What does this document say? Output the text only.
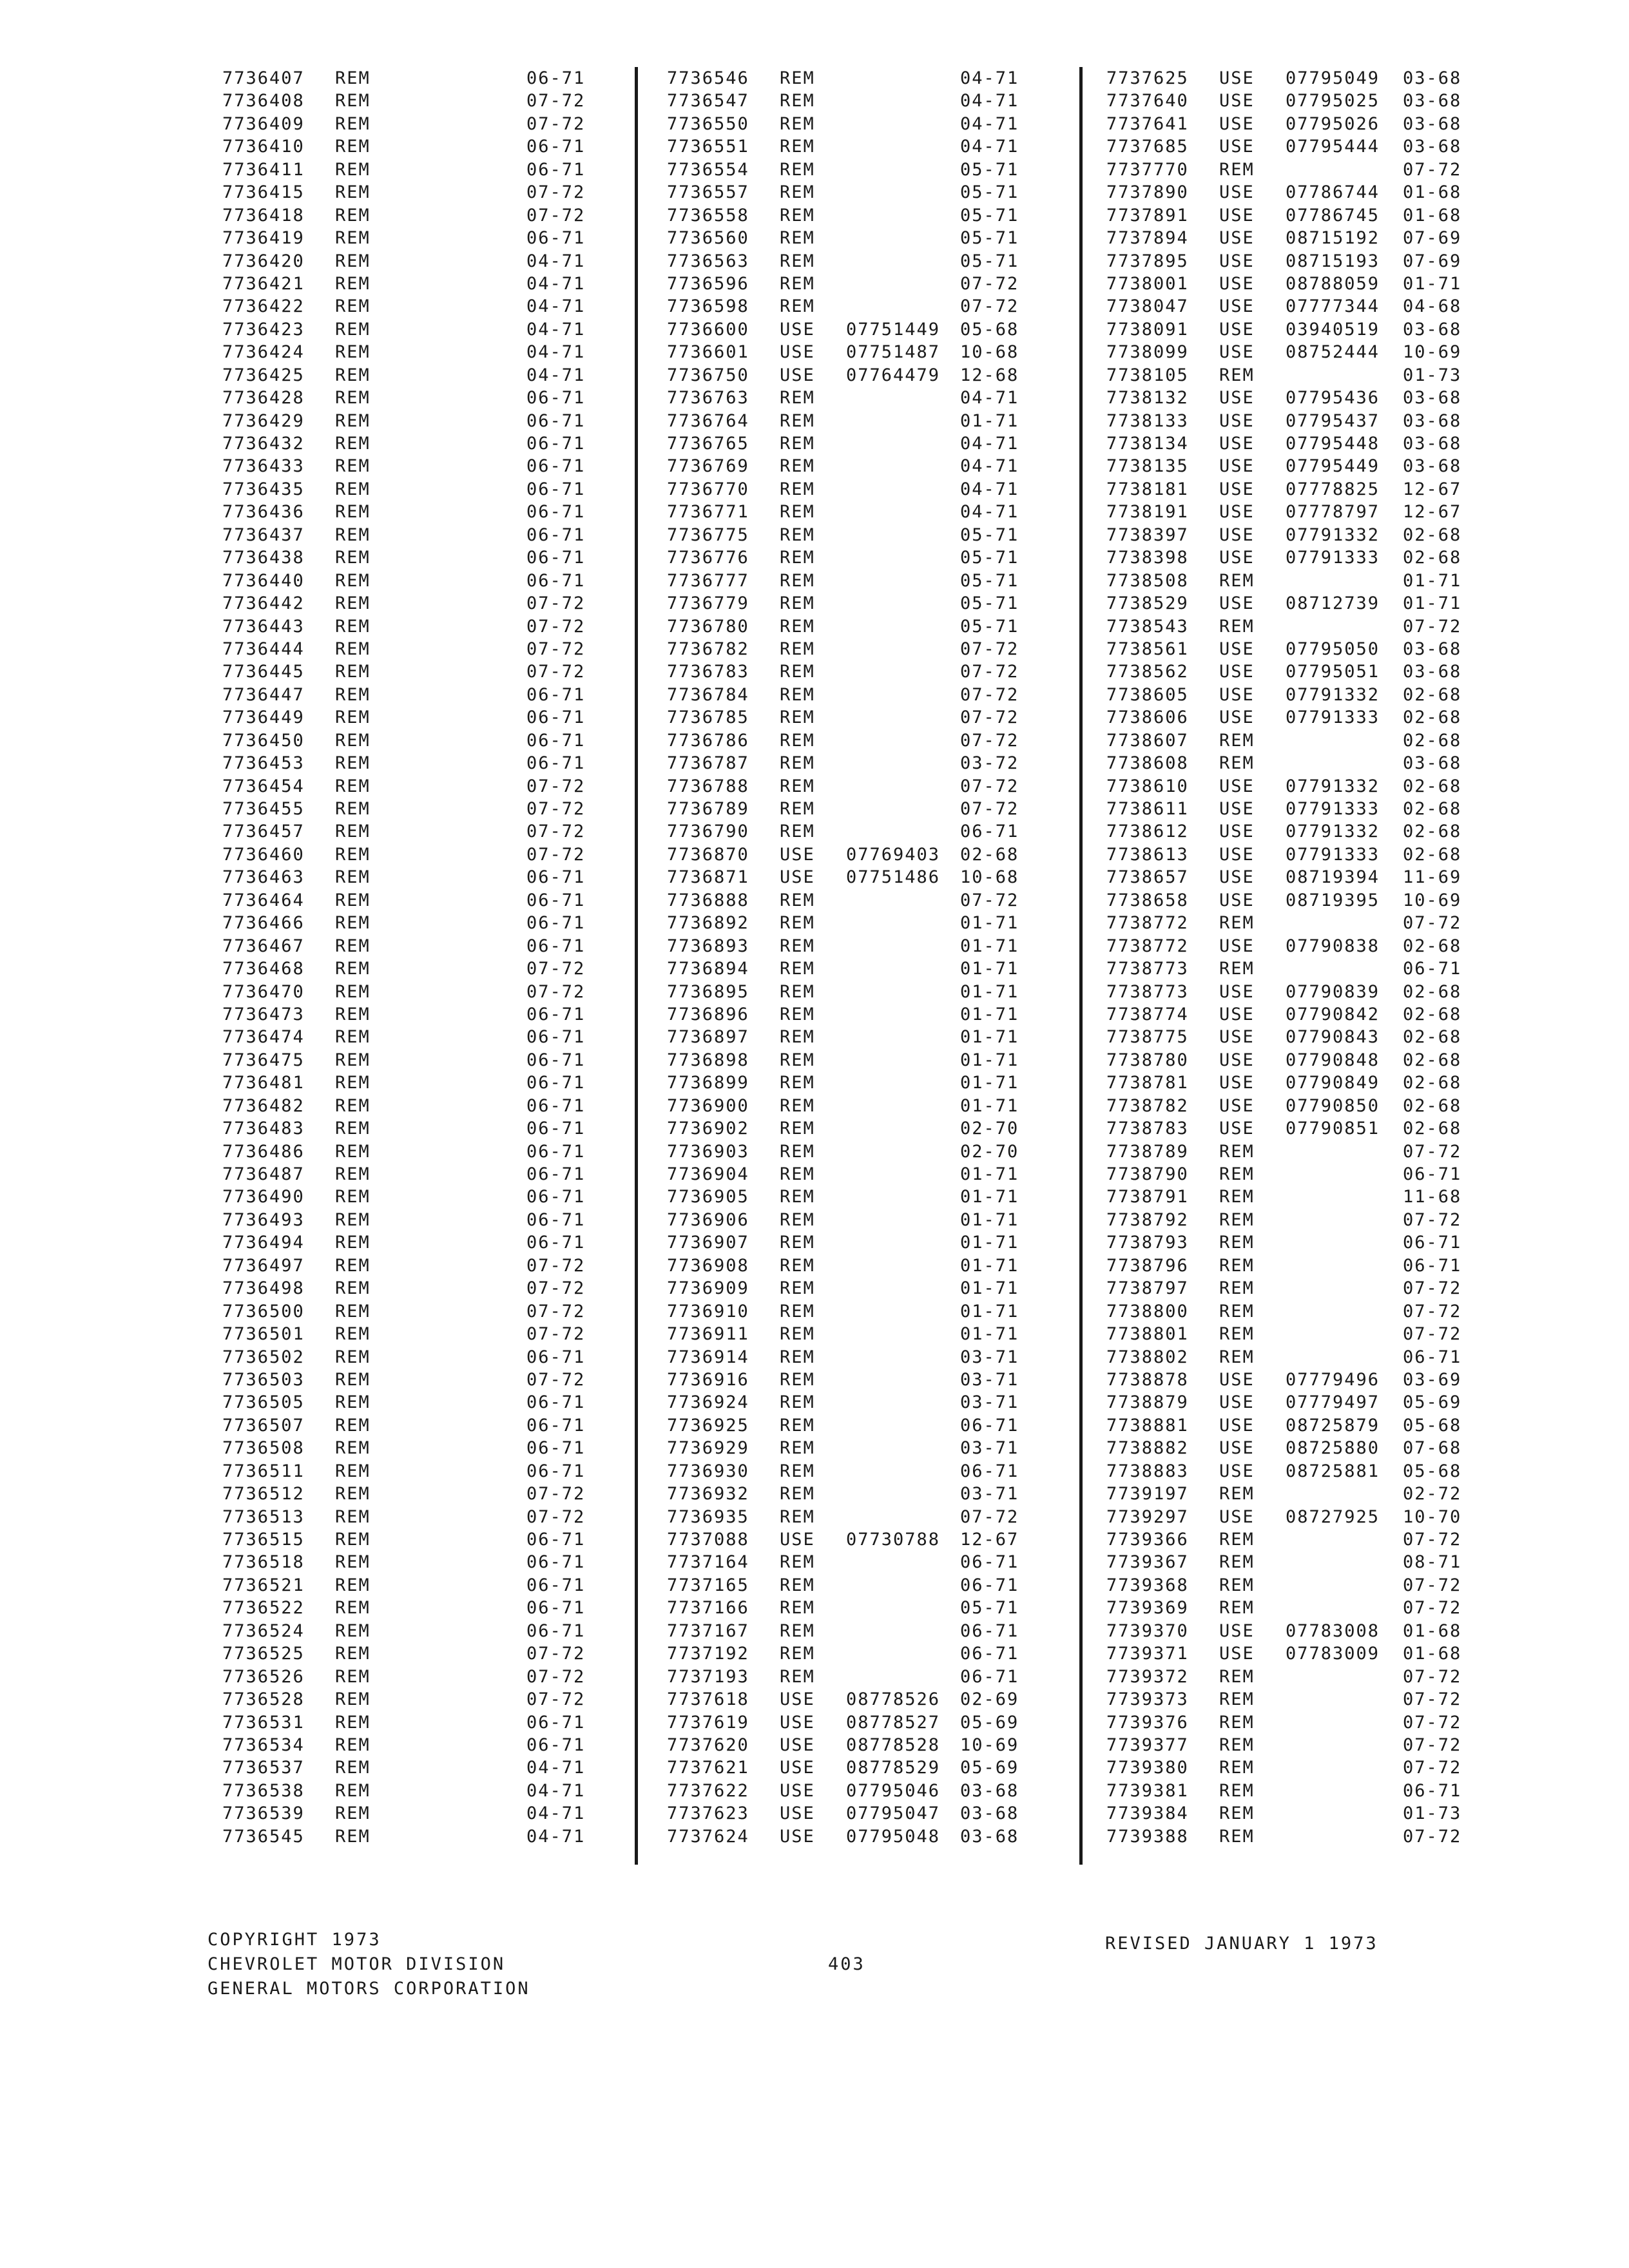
7736407 REM	06-71
7736408 REM	07-72
7736409 REM	07-72
7736410 REM	06-71
7736411 REM	06-71
7736415 REM	07-72
7736418 REM	07-72
7736419 REM	06-71
7736420 REM	04-71
7736421 REM	04-71
7736422 REM	04-71
7736423 REM	04-71
7736424 REM	04-71
7736425 REM	04-71
7736428 REM	06-71
7736429 REM	06-71
7736432 REM	06-71
7736433 REM	06-71
7736435 REM	06-71
7736436 REM	06-71
7736437 REM	06-71
7736438 REM	06-71
7736440 REM	06-71
7736442 REM	07-72
7736443 REM	07-72
7736444 REM	07-72
7736445 REM	07-72
7736447 REM	06-71
7736449 REM	06-71
7736450 REM	06-71
7736453 REM	06-71
7736454 REM	07-72
7736455 REM	07-72
7736457 REM	07-72
7736460 REM	07-72
7736463 REM	06-71
7736464 REM	06-71
7736466 REM	06-71
7736467 REM	06-71
7736468 REM	07-72
7736470 REM	07-72
7736473 REM	06-71
7736474 REM	06-71
7736475 REM	06-71
7736481 REM	06-71
7736482 REM	06-71
7736483 REM	06-71
7736486 REM	06-71
7736487 REM	06-71
7736490 REM	06-71
7736493 REM	06-71
7736494 REM	06-71
7736497 REM	07-72
7736498 REM	07-72
7736500 REM	07-72
7736501 REM	07-72
7736502 REM	06-71
7736503 REM	07-72
7736505 REM	06-71
7736507 REM	06-71
7736508 REM	06-71
7736511 REM	06-71
7736512 REM	07-72
7736513 REM	07-72
7736515 REM	06-71
7736518 REM	06-71
7736521 REM	06-71
7736522 REM	06-71
7736524 REM	06-71
7736525 REM	07-72
7736526 REM	07-72
7736528 REM	07-72
7736531 REM	06-71
7736534 REM	06-71
7736537 REM	04-71
7736538 REM	04-71
7736539 REM	04-71
7736545 REM	04-71
7736546 REM	04-71
7736547 REM	04-71
7736550 REM	04-71
7736551 REM	04-71
7736554 REM	05-71
7736557 REM	05-71
7736558 REM	05-71
7736560 REM	05-71
7736563 REM	05-71
7736596 REM	07-72
7736598 REM	07-72
7736600 USE 07751449 05-68
7736601 USE 07751487 10-68
7736750 USE 07764479 12-68
7736763 REM	04-71
7736764 REM	01-71
7736765 REM	04-71
7736769 REM	04-71
7736770 REM	04-71
7736771 REM	04-71
7736775 REM	05-71
7736776 REM	05-71
7736777 REM	05-71
7736779 REM	05-71
7736780 REM	05-71
7736782 REM	07-72
7736783 REM	07-72
7736784 REM	07-72
7736785 REM	07-72
7736786 REM	07-72
7736787 REM	03-72
7736788 REM	07-72
7736789 REM	07-72
7736790 REM	06-71
7736870 USE 07769403 02-68
7736871 USE 07751486 10-68
7736888 REM	07-72
7736892 REM	01-71
7736893 REM	01-71
7736894 REM	01-71
7736895 REM	01-71
7736896 REM	01-71
7736897 REM	01-71
7736898 REM	01-71
7736899 REM	01-71
7736900 REM	01-71
7736902 REM	02-70
7736903 REM	02-70
7736904 REM	01-71
7736905 REM	01-71
7736906 REM	01-71
7736907 REM	01-71
7736908 REM	01-71
7736909 REM	01-71
7736910 REM	01-71
7736911 REM	01-71
7736914 REM	03-71
7736916 REM	03-71
7736924 REM	03-71
7736925 REM	06-71
7736929 REM	03-71
7736930 REM	06-71
7736932 REM	03-71
7736935 REM	07-72
7737088 USE 07730788 12-67
7737164 REM	06-71
7737165 REM	06-71
7737166 REM	05-71
7737167 REM	06-71
7737192 REM	06-71
7737193 REM	06-71
7737618 USE 08778526 02-69
7737619 USE 08778527 05-69
7737620 USE 08778528 10-69
7737621 USE 08778529 05-69
7737622 USE 07795046 03-68
7737623 USE 07795047 03-68
7737624 USE 07795048 03-68
7737625 USE 07795049 03-68
7737640 USE 07795025 03-68
7737641 USE 07795026 03-68
7737685 USE 07795444 03-68
7737770 REM	07-72
7737890 USE 07786744 01-68
7737891 USE 07786745 01-68
7737894 USE 08715192 07-69
7737895 USE 08715193 07-69
7738001 USE 08788059 01-71
7738047 USE 07777344 04-68
7738091 USE 03940519 03-68
7738099 USE 08752444 10-69
7738105 REM	01-73
7738132 USE 07795436 03-68
7738133 USE 07795437 03-68
7738134 USE 07795448 03-68
7738135 USE 07795449 03-68
7738181 USE 07778825 12-67
7738191 USE 07778797 12-67
7738397 USE 07791332 02-68
7738398 USE 07791333 02-68
7738508 REM	01-71
7738529 USE 08712739 01-71
7738543 REM	07-72
7738561 USE 07795050 03-68
7738562 USE 07795051 03-68
7738605 USE 07791332 02-68
7738606 USE 07791333 02-68
7738607 REM	02-68
7738608 REM	03-68
7738610 USE 07791332 02-68
7738611 USE 07791333 02-68
7738612 USE 07791332 02-68
7738613 USE 07791333 02-68
7738657 USE 08719394 11-69
7738658 USE 08719395 10-69
7738772 REM	07-72
7738772 USE 07790838 02-68
7738773 REM	06-71
7738773 USE 07790839 02-68
7738774 USE 07790842 02-68
7738775 USE 07790843 02-68
7738780 USE 07790848 02-68
7738781 USE 07790849 02-68
7738782 USE 07790850 02-68
7738783 USE 07790851 02-68
7738789 REM	07-72
7738790 REM	06-71
7738791 REM	11-68
7738792 REM	07-72
7738793 REM	06-71
7738796 REM	06-71
7738797 REM	07-72
7738800 REM	07-72
7738801 REM	07-72
7738802 REM	06-71
7738878 USE 07779496 03-69
7738879 USE 07779497 05-69
7738881 USE 08725879 05-68
7738882 USE 08725880 07-68
7738883 USE 08725881 05-68
7739197 REM	02-72
7739297 USE 08727925 10-70
7739366 REM	07-72
7739367 REM	08-71
7739368 REM	07-72
7739369 REM	07-72
7739370 USE 07783008 01-68
7739371 USE 07783009 01-68
7739372 REM	07-72
7739373 REM	07-72
7739376 REM	07-72
7739377 REM	07-72
7739380 REM	07-72
7739381 REM	06-71
7739384 REM	01-73
7739388 REM	07-72
COPYRIGHT 1973
CHEVROLET MOTOR DIVISION
GENERAL MOTORS CORPORATION
403
REVISED JANUARY 1 1973
